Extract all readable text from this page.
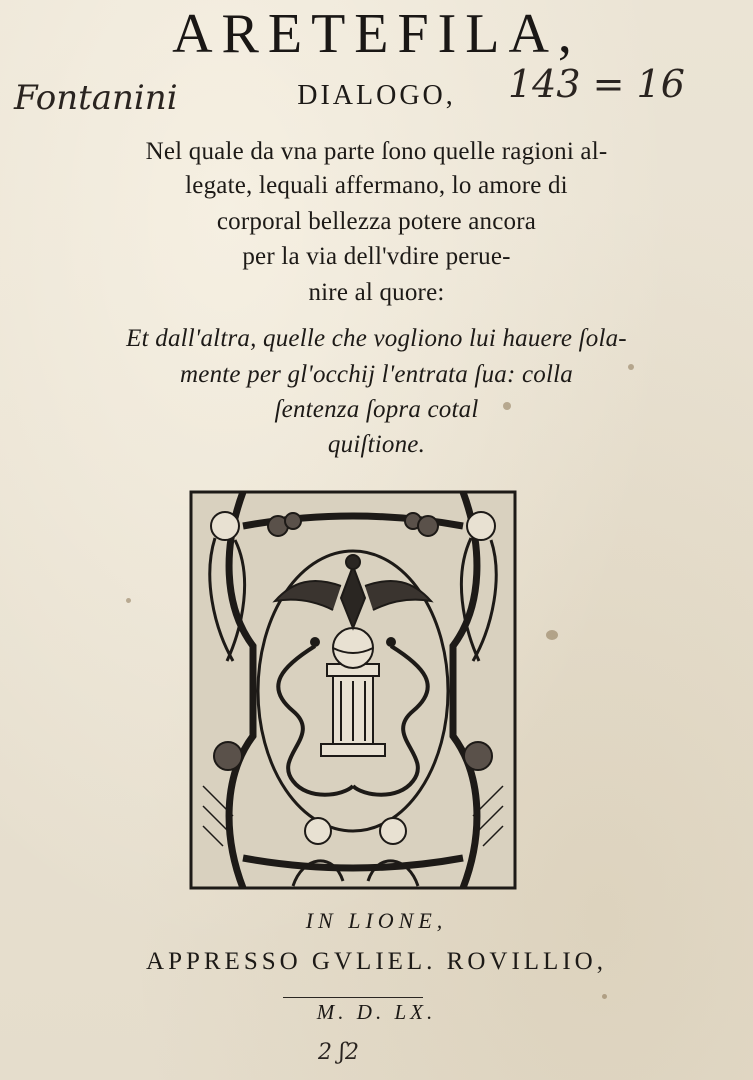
ARETEFILA,
Fontanini	DIALOGO,	143 = 16
Nel quale da vna parte ſono quelle ragioni al-
legate, lequali affermano, lo amore di
corporal bellezza potere ancora
per la via dell'vdire peruе-
nire al quore:
Et dall'altra, quelle che vogliono lui hauere ſola-
mente per gl'occhij l'entrata ſua: colla
ſentenza ſopra cotal
quiſtione.
IN LIONE,
APPRESSO GVLIEL. ROVILLIO,
M. D. LX.
2 ʃ2
